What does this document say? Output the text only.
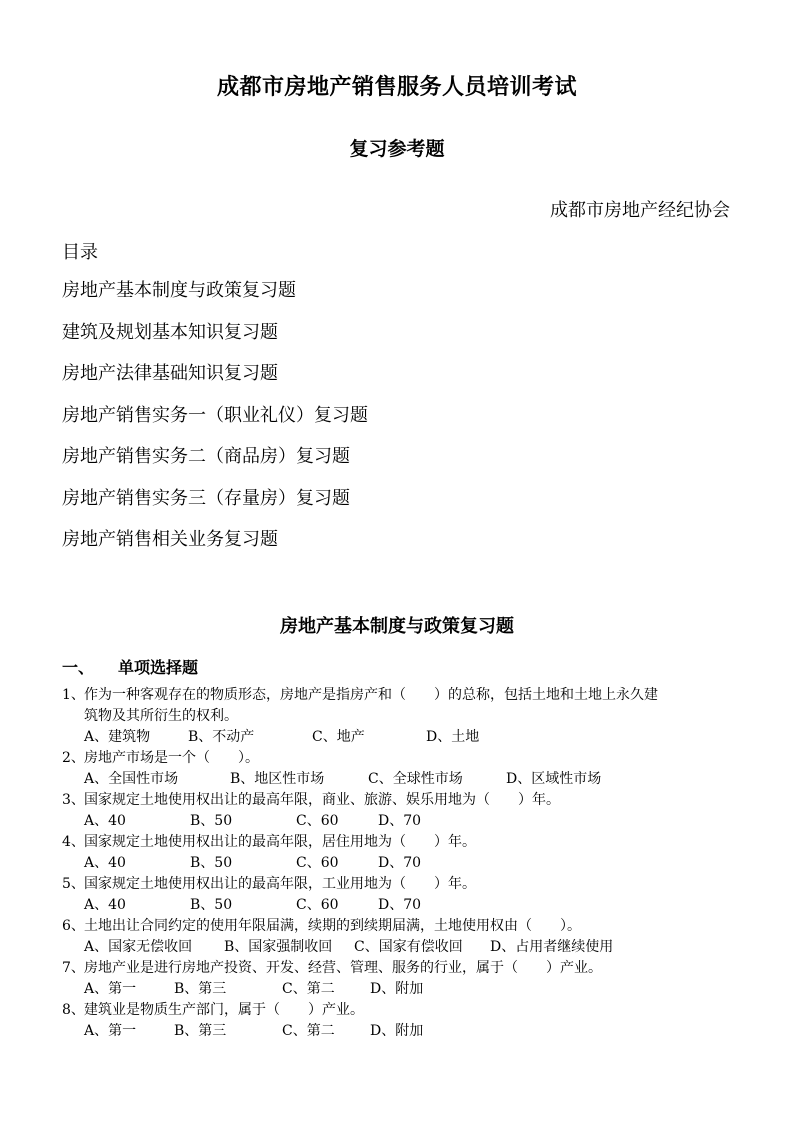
成都市房地产销售服务人员培训考试
复习参考题
成都市房地产经纪协会
目录
房地产基本制度与政策复习题
建筑及规划基本知识复习题
房地产法律基础知识复习题
房地产销售实务一（职业礼仪）复习题
房地产销售实务二（商品房）复习题
房地产销售实务三（存量房）复习题
房地产销售相关业务复习题
房地产基本制度与政策复习题
一、 单项选择题
1、作为一种客观存在的物质形态，房地产是指房产和（　　）的总称，包括土地和土地上永久建
筑物及其所衍生的权利。
A、建筑物	B、不动产	C、地产	D、土地
2、房地产市场是一个（　　）。
A、全国性市场	B、地区性市场	C、全球性市场	D、区域性市场
3、国家规定土地使用权出让的最高年限，商业、旅游、娱乐用地为（　　）年。
A、40	B、50	C、60	D、70
4、国家规定土地使用权出让的最高年限，居住用地为（　　）年。
A、40	B、50	C、60	D、70
5、国家规定土地使用权出让的最高年限，工业用地为（　　）年。
A、40	B、50	C、60	D、70
6、土地出让合同约定的使用年限届满，续期的到续期届满，土地使用权由（　　）。
A、国家无偿收回 B、国家强制收回 C、国家有偿收回 D、占用者继续使用
7、房地产业是进行房地产投资、开发、经营、管理、服务的行业，属于（　　）产业。
A、第一	B、第三	C、第二	D、附加
8、建筑业是物质生产部门，属于（　　）产业。
A、第一	B、第三	C、第二	D、附加
